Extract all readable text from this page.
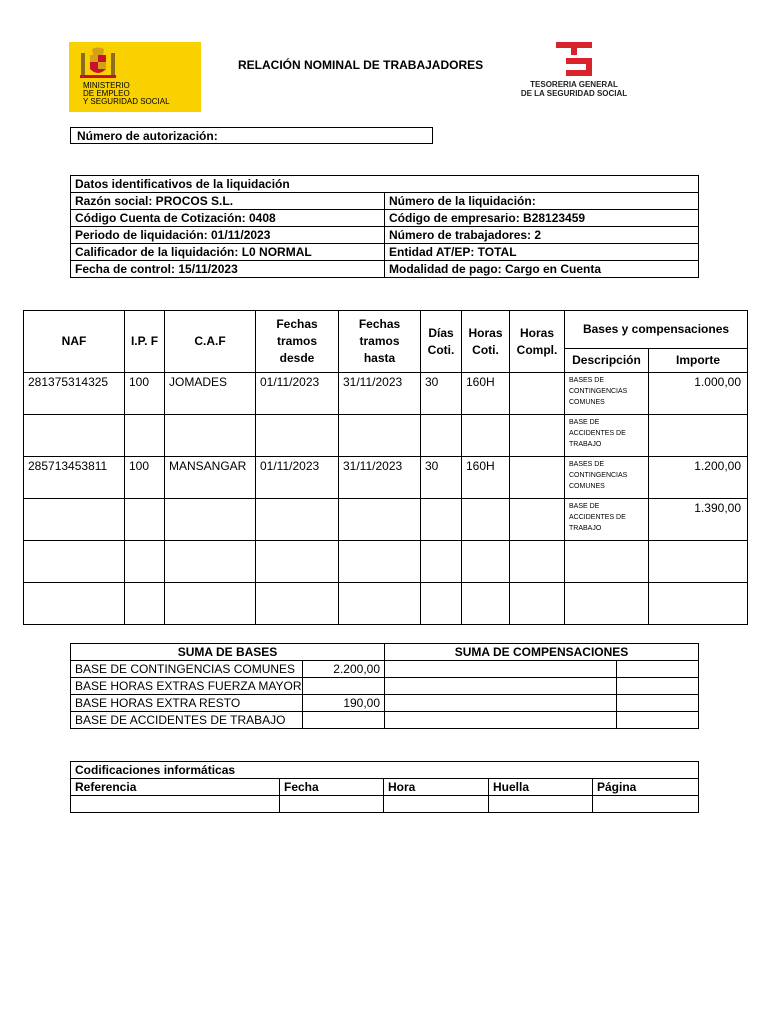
MINISTERIO
DE EMPLEO
Y SEGURIDAD SOCIAL
RELACIÓN NOMINAL DE TRABAJADORES
TESORERIA GENERAL
DE LA SEGURIDAD SOCIAL
Número de autorización:
Datos identificativos de la liquidación	
Razón social: PROCOS S.L.	Número de la liquidación:
Código Cuenta de Cotización: 0408	Código de empresario: B28123459
Periodo de liquidación: 01/11/2023	Número de trabajadores: 2
Calificador de la liquidación: L0 NORMAL	Entidad AT/EP: TOTAL
Fecha de control: 15/11/2023	Modalidad de pago: Cargo en Cuenta
NAF	I.P. F	C.A.F	Fechas tramos desde	Fechas tramos hasta	Días Coti.	Horas Coti.	Horas Compl.	Bases y compensaciones	
								Descripción	Importe
281375314325	100	JOMADES	01/11/2023	31/11/2023	30	160H		BASES DE CONTINGENCIAS COMUNES	1.000,00
								BASE DE ACCIDENTES DE TRABAJO	
285713453811	100	MANSANGAR	01/11/2023	31/11/2023	30	160H		BASES DE CONTINGENCIAS COMUNES	1.200,00
								BASE DE ACCIDENTES DE TRABAJO	1.390,00

SUMA DE BASES		SUMA DE COMPENSACIONES	
BASE DE CONTINGENCIAS COMUNES	2.200,00		
BASE HORAS EXTRAS FUERZA MAYOR			
BASE HORAS EXTRA RESTO	190,00		
BASE DE ACCIDENTES DE TRABAJO			
Codificaciones informáticas				
Referencia	Fecha	Hora	Huella	Página
